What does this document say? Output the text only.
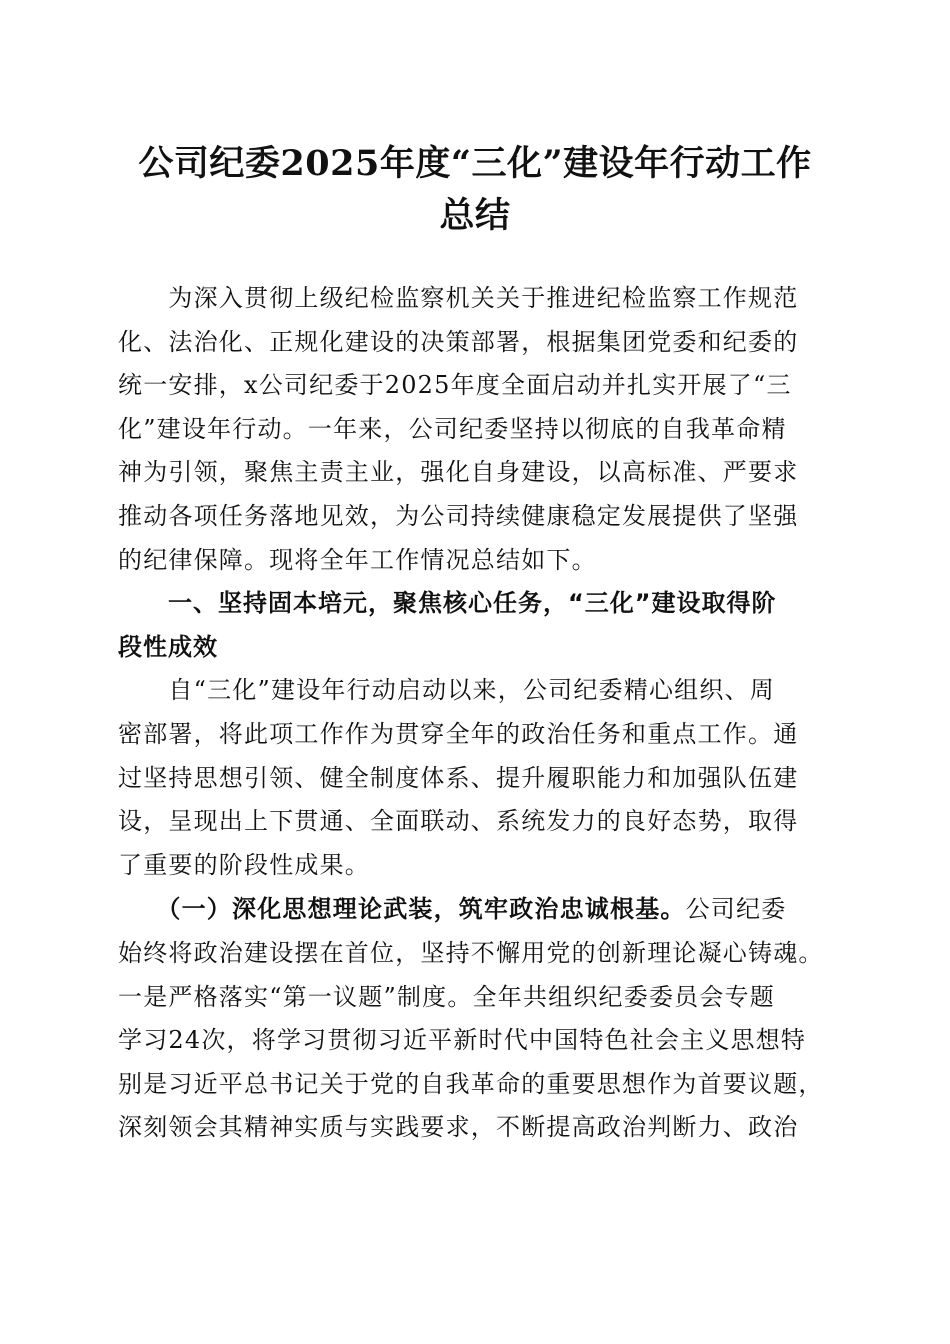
公司纪委2025年度“三化”建设年行动工作
总结

　　为深入贯彻上级纪检监察机关关于推进纪检监察工作规范
化、法治化、正规化建设的决策部署，根据集团党委和纪委的
统一安排，x公司纪委于2025年度全面启动并扎实开展了“三
化”建设年行动。一年来，公司纪委坚持以彻底的自我革命精
神为引领，聚焦主责主业，强化自身建设，以高标准、严要求
推动各项任务落地见效，为公司持续健康稳定发展提供了坚强
的纪律保障。现将全年工作情况总结如下。

　　一、坚持固本培元，聚焦核心任务，“三化”建设取得阶
段性成效

　　自“三化”建设年行动启动以来，公司纪委精心组织、周
密部署，将此项工作作为贯穿全年的政治任务和重点工作。通
过坚持思想引领、健全制度体系、提升履职能力和加强队伍建
设，呈现出上下贯通、全面联动、系统发力的良好态势，取得
了重要的阶段性成果。

　　（一）深化思想理论武装，筑牢政治忠诚根基。公司纪委
始终将政治建设摆在首位，坚持不懈用党的创新理论凝心铸魂。
一是严格落实“第一议题”制度。全年共组织纪委委员会专题
学习24次，将学习贯彻习近平新时代中国特色社会主义思想特
别是习近平总书记关于党的自我革命的重要思想作为首要议题，
深刻领会其精神实质与实践要求，不断提高政治判断力、政治
